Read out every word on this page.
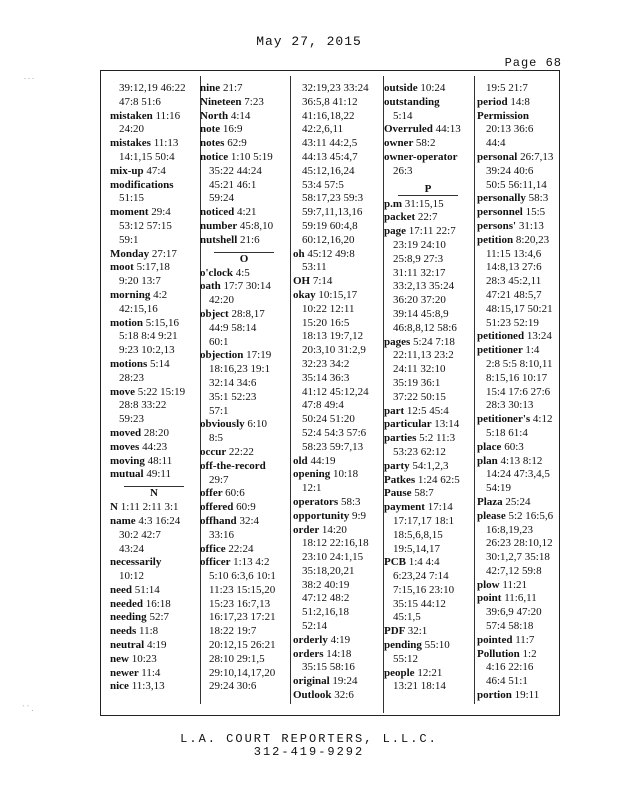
May 27, 2015
Page 68
39:12,19 46:22
47:8 51:6
mistaken 11:16
24:20
mistakes 11:13
14:1,15 50:4
mix-up 47:4
modifications
51:15
moment 29:4
53:12 57:15
59:1
Monday 27:17
moot 5:17,18
9:20 13:7
morning 4:2
42:15,16
motion 5:15,16
5:18 8:4 9:21
9:23 10:2,13
motions 5:14
28:23
move 5:22 15:19
28:8 33:22
59:23
moved 28:20
moves 44:23
moving 48:11
mutual 49:11
N
N 1:11 2:11 3:1
name 4:3 16:24
30:2 42:7
43:24
necessarily
10:12
need 51:14
needed 16:18
needing 52:7
needs 11:8
neutral 4:19
new 10:23
newer 11:4
nice 11:3,13
nine 21:7
Nineteen 7:23
North 4:14
note 16:9
notes 62:9
notice 1:10 5:19
35:22 44:24
45:21 46:1
59:24
noticed 4:21
number 45:8,10
nutshell 21:6
O
o'clock 4:5
oath 17:7 30:14
42:20
object 28:8,17
44:9 58:14
60:1
objection 17:19
18:16,23 19:1
32:14 34:6
35:1 52:23
57:1
obviously 6:10
8:5
occur 22:22
off-the-record
29:7
offer 60:6
offered 60:9
offhand 32:4
33:16
office 22:24
officer 1:13 4:2
5:10 6:3,6 10:1
11:23 15:15,20
15:23 16:7,13
16:17,23 17:21
18:22 19:7
20:12,15 26:21
28:10 29:1,5
29:10,14,17,20
29:24 30:6
32:19,23 33:24
36:5,8 41:12
41:16,18,22
42:2,6,11
43:11 44:2,5
44:13 45:4,7
45:12,16,24
53:4 57:5
58:17,23 59:3
59:7,11,13,16
59:19 60:4,8
60:12,16,20
oh 45:12 49:8
53:11
OH 7:14
okay 10:15,17
10:22 12:11
15:20 16:5
18:13 19:7,12
20:3,10 31:2,9
32:23 34:2
35:14 36:3
41:12 45:12,24
47:8 49:4
50:24 51:20
52:4 54:3 57:6
58:23 59:7,13
old 44:19
opening 10:18
12:1
operators 58:3
opportunity 9:9
order 14:20
18:12 22:16,18
23:10 24:1,15
35:18,20,21
38:2 40:19
47:12 48:2
51:2,16,18
52:14
orderly 4:19
orders 14:18
35:15 58:16
original 19:24
Outlook 32:6
outside 10:24
outstanding
5:14
Overruled 44:13
owner 58:2
owner-operator
26:3
P
p.m 31:15,15
packet 22:7
page 17:11 22:7
23:19 24:10
25:8,9 27:3
31:11 32:17
33:2,13 35:24
36:20 37:20
39:14 45:8,9
46:8,8,12 58:6
pages 5:24 7:18
22:11,13 23:2
24:11 32:10
35:19 36:1
37:22 50:15
part 12:5 45:4
particular 13:14
parties 5:2 11:3
53:23 62:12
party 54:1,2,3
Patkes 1:24 62:5
Pause 58:7
payment 17:14
17:17,17 18:1
18:5,6,8,15
19:5,14,17
PCB 1:4 4:4
6:23,24 7:14
7:15,16 23:10
35:15 44:12
45:1,5
PDF 32:1
pending 55:10
55:12
people 12:21
13:21 18:14
19:5 21:7
period 14:8
Permission
20:13 36:6
44:4
personal 26:7,13
39:24 40:6
50:5 56:11,14
personally 58:3
personnel 15:5
persons' 31:13
petition 8:20,23
11:15 13:4,6
14:8,13 27:6
28:3 45:2,11
47:21 48:5,7
48:15,17 50:21
51:23 52:19
petitioned 13:24
petitioner 1:4
2:8 5:5 8:10,11
8:15,16 10:17
15:4 17:6 27:6
28:3 30:13
petitioner's 4:12
5:18 61:4
place 60:3
plan 4:13 8:12
14:24 47:3,4,5
54:19
Plaza 25:24
please 5:2 16:5,6
16:8,19,23
26:23 28:10,12
30:1,2,7 35:18
42:7,12 59:8
plow 11:21
point 11:6,11
39:6,9 47:20
57:4 58:18
pointed 11:7
Pollution 1:2
4:16 22:16
46:4 51:1
portion 19:11
L.A. COURT REPORTERS, L.L.C.
312-419-9292
. . .
` ` .
